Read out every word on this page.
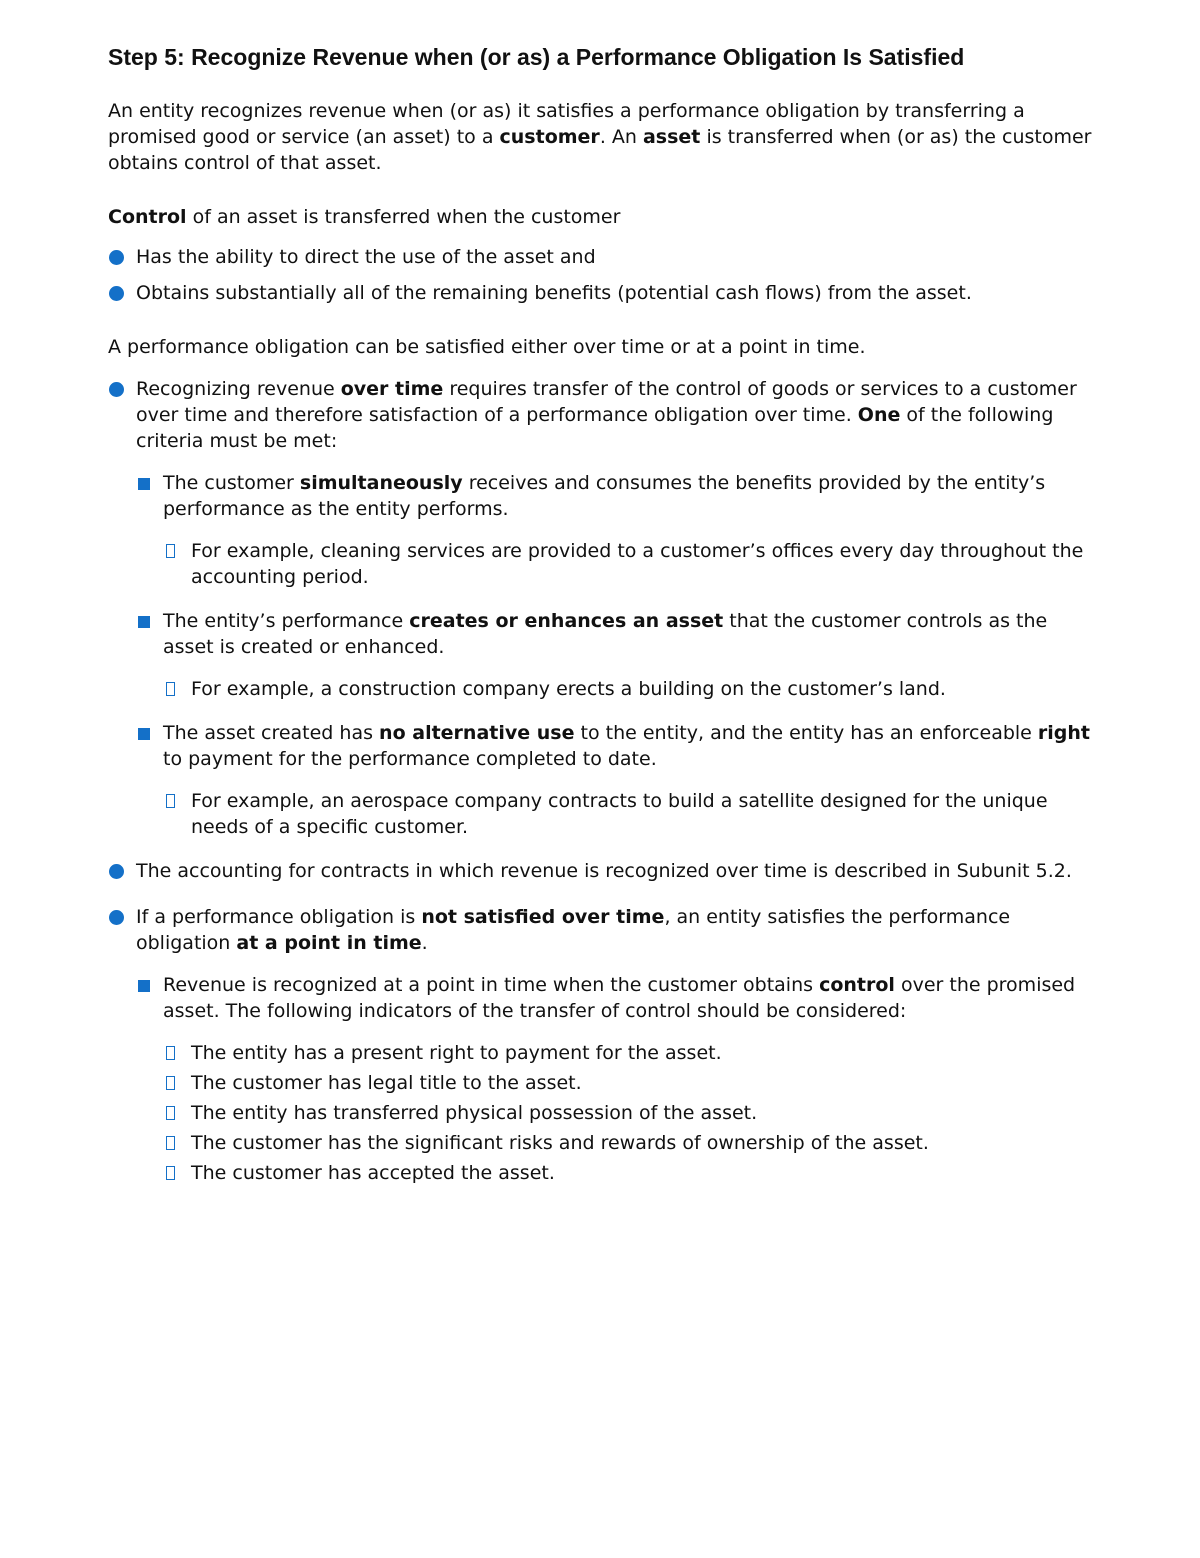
Step 5: Recognize Revenue when (or as) a Performance Obligation Is Satisfied

An entity recognizes revenue when (or as) it satisfies a performance obligation by transferring a promised good or service (an asset) to a customer. An asset is transferred when (or as) the customer obtains control of that asset.

Control of an asset is transferred when the customer

Has the ability to direct the use of the asset and
Obtains substantially all of the remaining benefits (potential cash flows) from the asset.

A performance obligation can be satisfied either over time or at a point in time.

Recognizing revenue over time requires transfer of the control of goods or services to a customer over time and therefore satisfaction of a performance obligation over time. One of the following criteria must be met:
The customer simultaneously receives and consumes the benefits provided by the entity’s performance as the entity performs.
For example, cleaning services are provided to a customer’s offices every day throughout the accounting period.
The entity’s performance creates or enhances an asset that the customer controls as the asset is created or enhanced.
For example, a construction company erects a building on the customer’s land.
The asset created has no alternative use to the entity, and the entity has an enforceable right to payment for the performance completed to date.
For example, an aerospace company contracts to build a satellite designed for the unique needs of a specific customer.
The accounting for contracts in which revenue is recognized over time is described in Subunit 5.2.
If a performance obligation is not satisfied over time, an entity satisfies the performance obligation at a point in time.
Revenue is recognized at a point in time when the customer obtains control over the promised asset. The following indicators of the transfer of control should be considered:
The entity has a present right to payment for the asset.
The customer has legal title to the asset.
The entity has transferred physical possession of the asset.
The customer has the significant risks and rewards of ownership of the asset.
The customer has accepted the asset.
